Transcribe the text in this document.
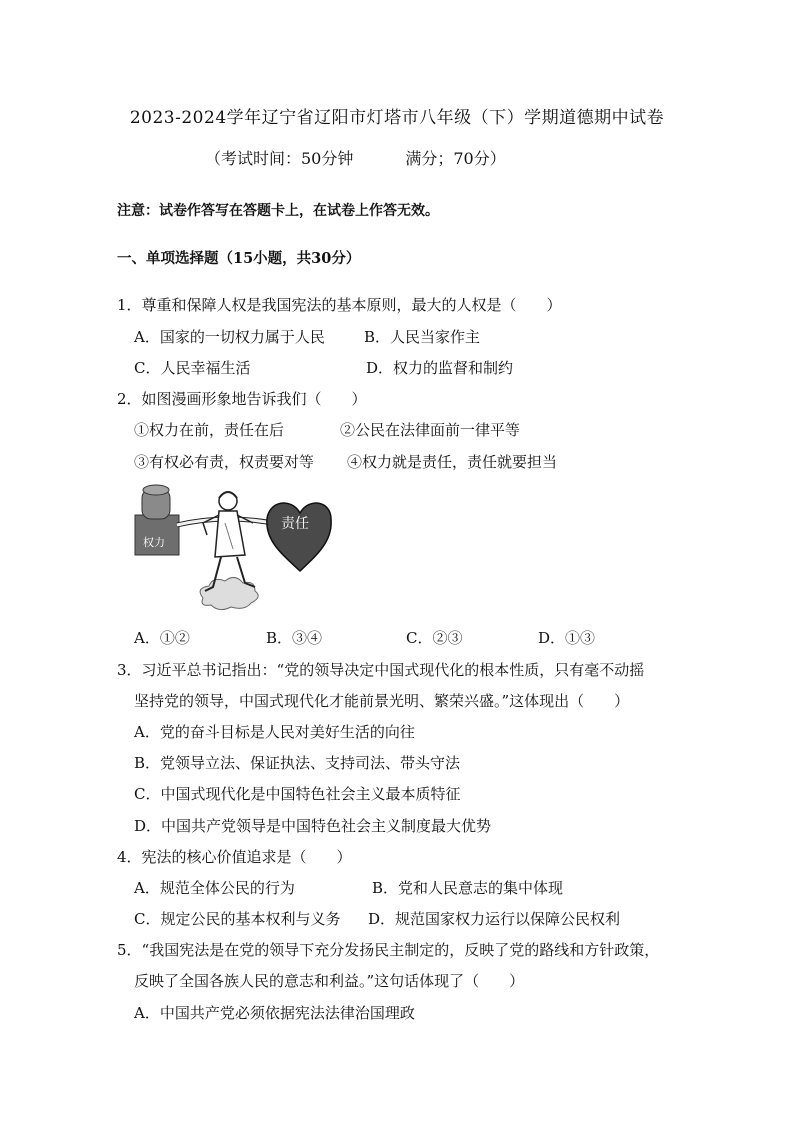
2023-2024学年辽宁省辽阳市灯塔市八年级（下）学期道德期中试卷
（考试时间：50分钟	满分；70分）
注意：试卷作答写在答题卡上，在试卷上作答无效。
一、单项选择题（15小题，共30分）
1．尊重和保障人权是我国宪法的基本原则，最大的人权是（　　）
A．国家的一切权力属于人民	B．人民当家作主
C．人民幸福生活	D．权力的监督和制约
2．如图漫画形象地告诉我们（　　）
①权力在前，责任在后	②公民在法律面前一律平等
③有权必有责，权责要对等 ④权力就是责任，责任就要担当
权力
责任
A．①②	B．③④	C．②③	D．①③
3．习近平总书记指出：“党的领导决定中国式现代化的根本性质，只有毫不动摇
坚持党的领导，中国式现代化才能前景光明、繁荣兴盛。”这体现出（　　）
A．党的奋斗目标是人民对美好生活的向往
B．党领导立法、保证执法、支持司法、带头守法
C．中国式现代化是中国特色社会主义最本质特征
D．中国共产党领导是中国特色社会主义制度最大优势
4．宪法的核心价值追求是（　　）
A．规范全体公民的行为	B．党和人民意志的集中体现
C．规定公民的基本权利与义务 D．规范国家权力运行以保障公民权利
5．“我国宪法是在党的领导下充分发扬民主制定的，反映了党的路线和方针政策，
反映了全国各族人民的意志和利益。”这句话体现了（　　）
A．中国共产党必须依据宪法法律治国理政
